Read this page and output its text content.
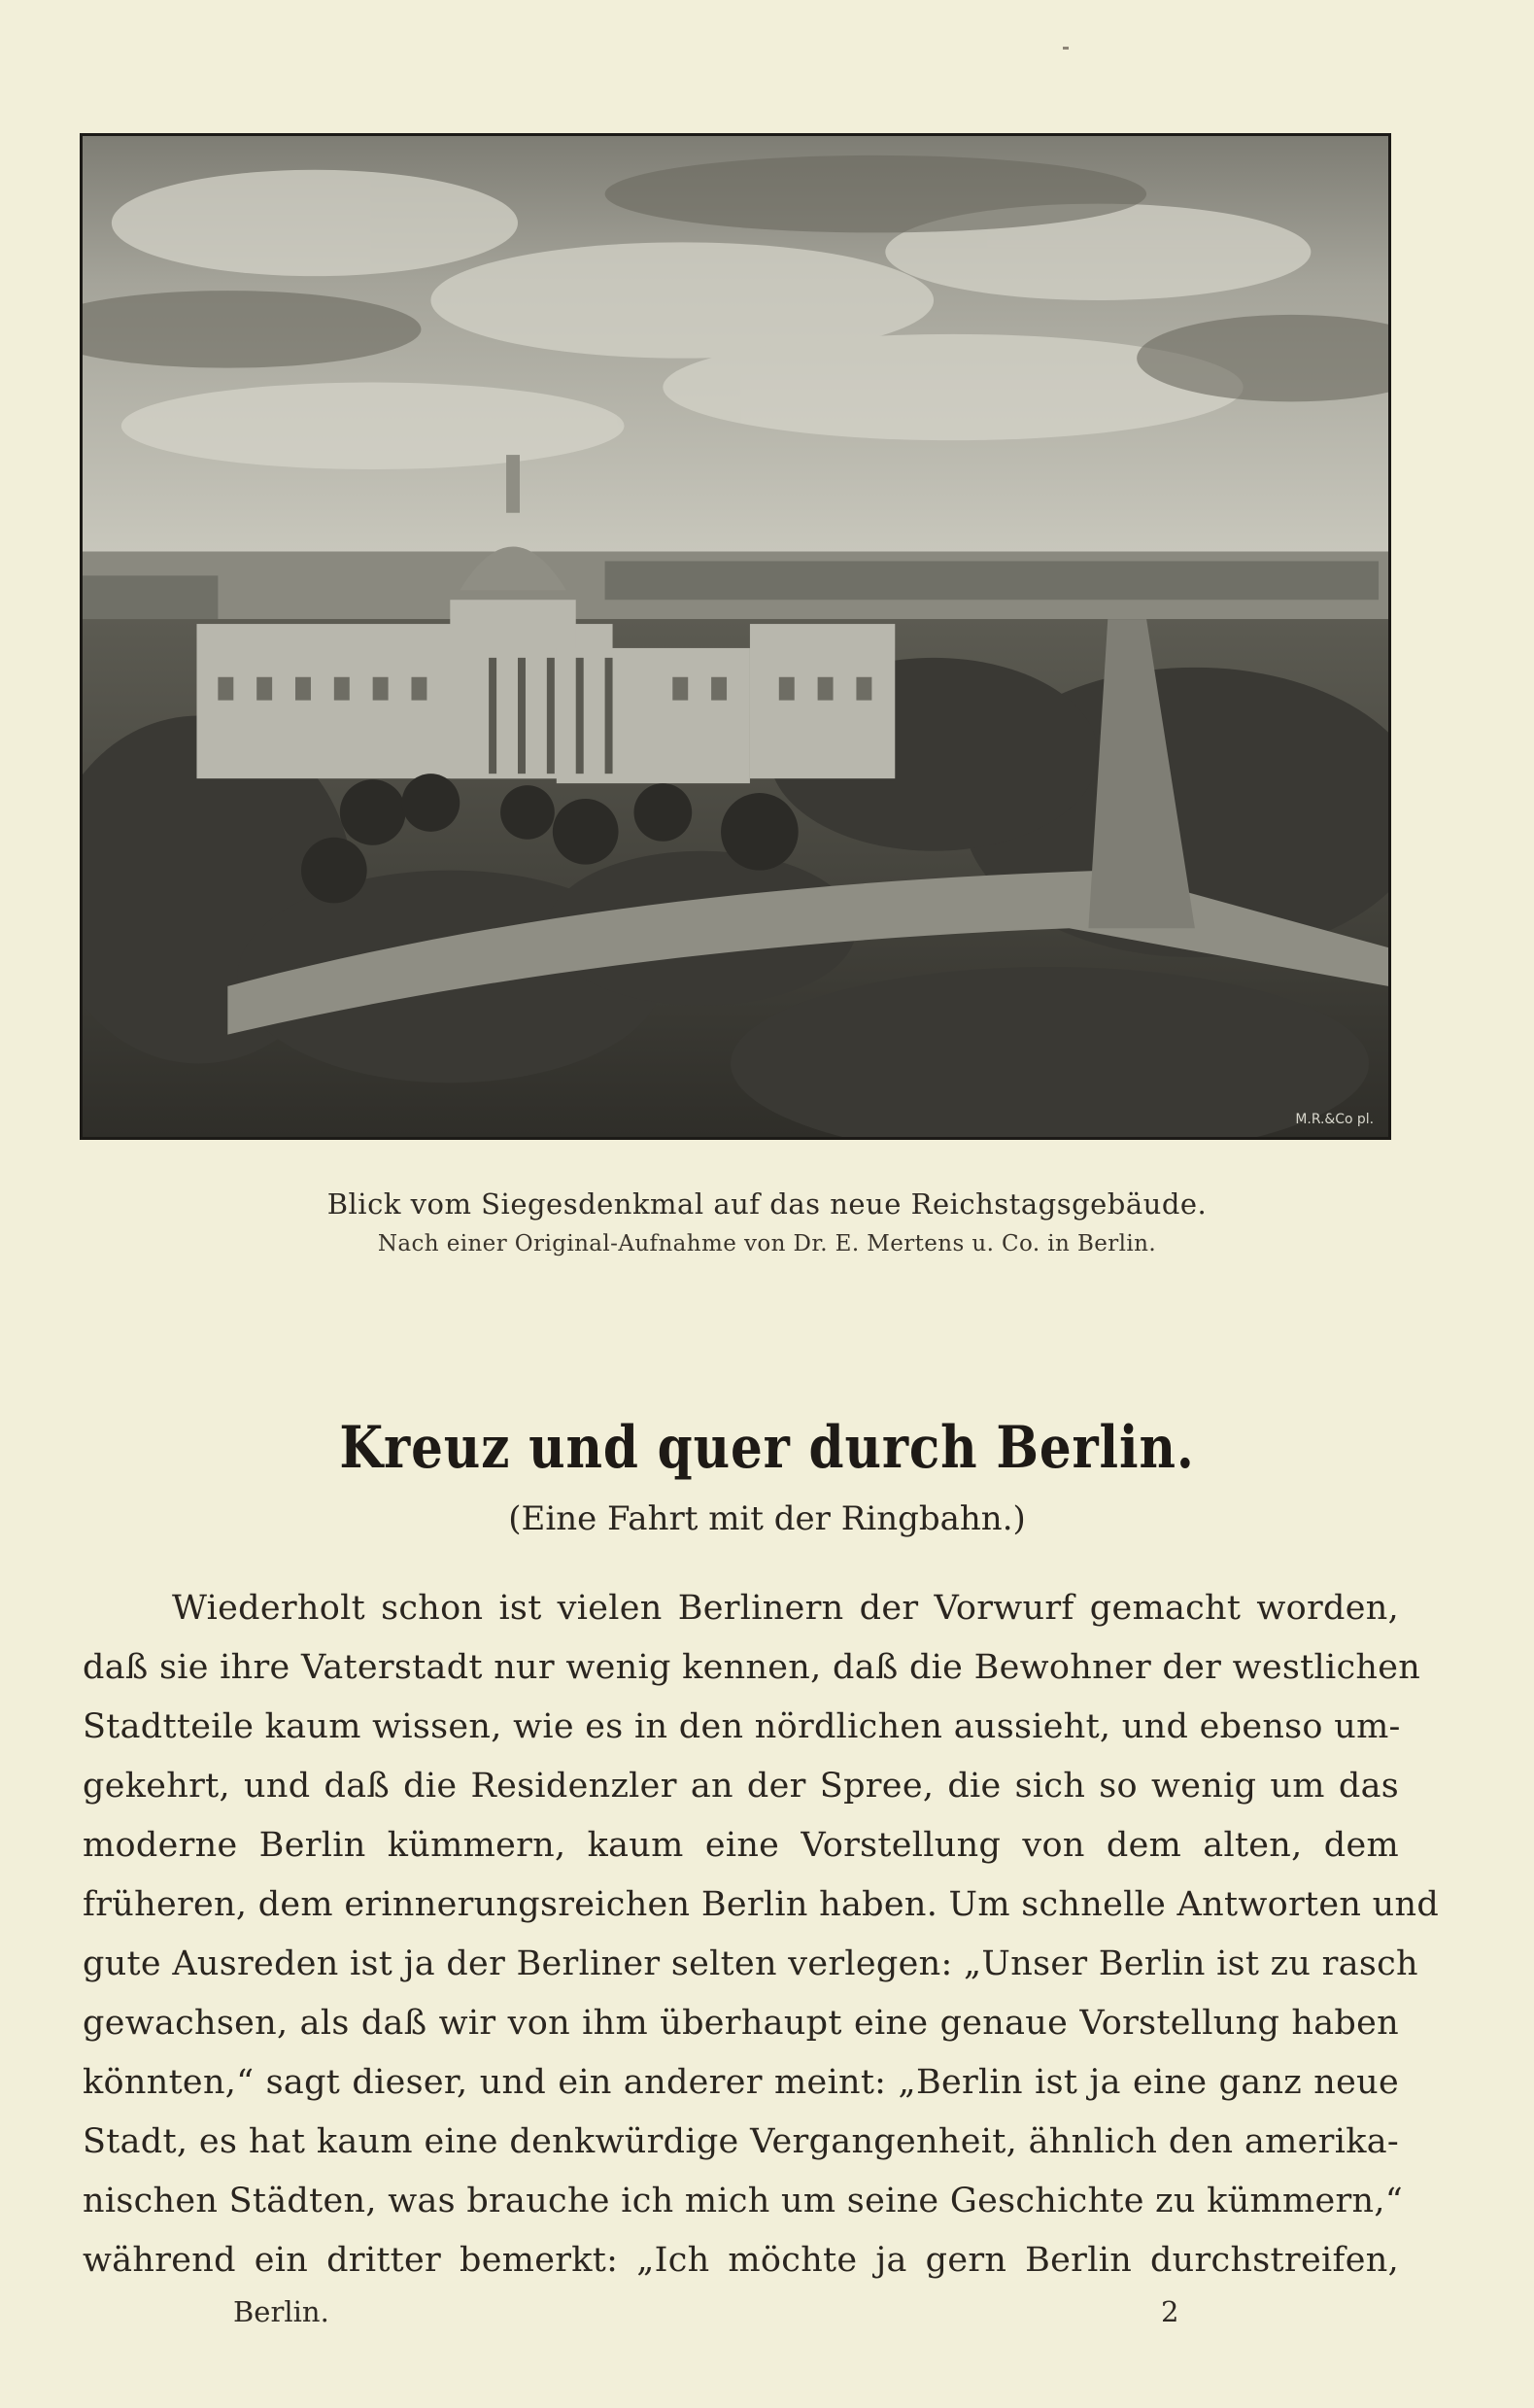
M.R.&Co pl.
Blick vom Siegesdenkmal auf das neue Reichstagsgebäude.
Nach einer Original-Aufnahme von Dr. E. Mertens u. Co. in Berlin.
Kreuz und quer durch Berlin.
(Eine Fahrt mit der Ringbahn.)
Wiederholt schon ist vielen Berlinern der Vorwurf gemacht worden,
daß sie ihre Vaterstadt nur wenig kennen, daß die Bewohner der westlichen
Stadtteile kaum wissen, wie es in den nördlichen aussieht, und ebenso um-
gekehrt, und daß die Residenzler an der Spree, die sich so wenig um das
moderne Berlin kümmern, kaum eine Vorstellung von dem alten, dem
früheren, dem erinnerungsreichen Berlin haben. Um schnelle Antworten und
gute Ausreden ist ja der Berliner selten verlegen: „Unser Berlin ist zu rasch
gewachsen, als daß wir von ihm überhaupt eine genaue Vorstellung haben
könnten,“ sagt dieser, und ein anderer meint: „Berlin ist ja eine ganz neue
Stadt, es hat kaum eine denkwürdige Vergangenheit, ähnlich den amerika-
nischen Städten, was brauche ich mich um seine Geschichte zu kümmern,“
während ein dritter bemerkt: „Ich möchte ja gern Berlin durchstreifen,
Berlin.	2
